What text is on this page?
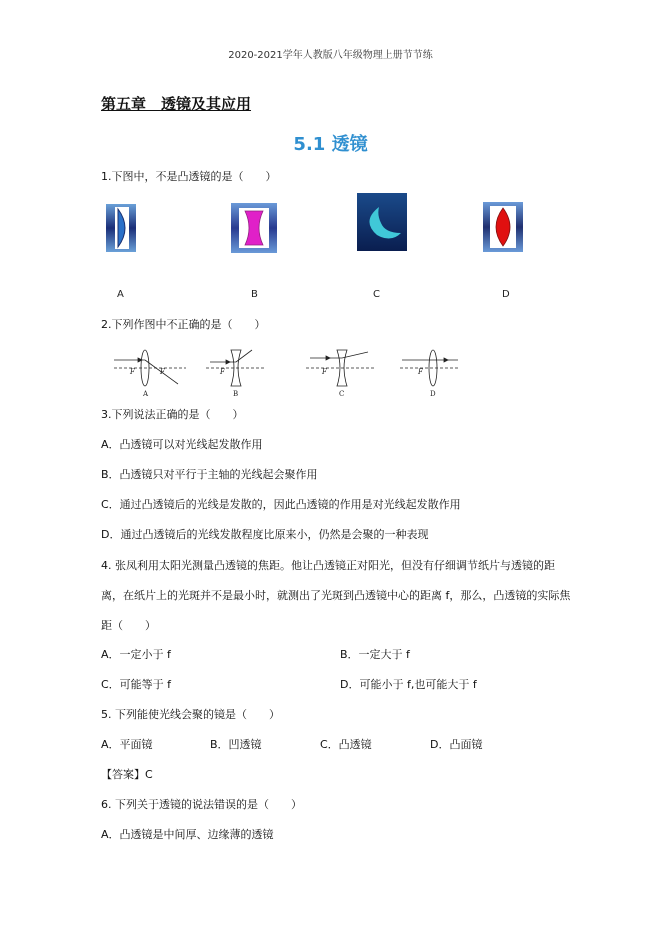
2020-2021学年人教版八年级物理上册节节练
第五章　透镜及其应用
5.1 透镜
1.下图中，不是凸透镜的是（　　）
A	B	C	D
2.下列作图中不正确的是（　　）
F	F	F	F	F
A	B	C	D
3.下列说法正确的是（　　）
A．凸透镜可以对光线起发散作用
B．凸透镜只对平行于主轴的光线起会聚作用
C．通过凸透镜后的光线是发散的，因此凸透镜的作用是对光线起发散作用
D．通过凸透镜后的光线发散程度比原来小，仍然是会聚的一种表现
4. 张凤利用太阳光测量凸透镜的焦距。他让凸透镜正对阳光，但没有仔细调节纸片与透镜的距离，在纸片上的光斑并不是最小时，就测出了光斑到凸透镜中心的距离 f，那么，凸透镜的实际焦距（　　）
A．一定小于 f	B．一定大于 f
C．可能等于 f	D．可能小于 f,也可能大于 f
5. 下列能使光线会聚的镜是（　　）
A．平面镜	B．凹透镜	C．凸透镜	D．凸面镜
【答案】C
6. 下列关于透镜的说法错误的是（　　）
A．凸透镜是中间厚、边缘薄的透镜
